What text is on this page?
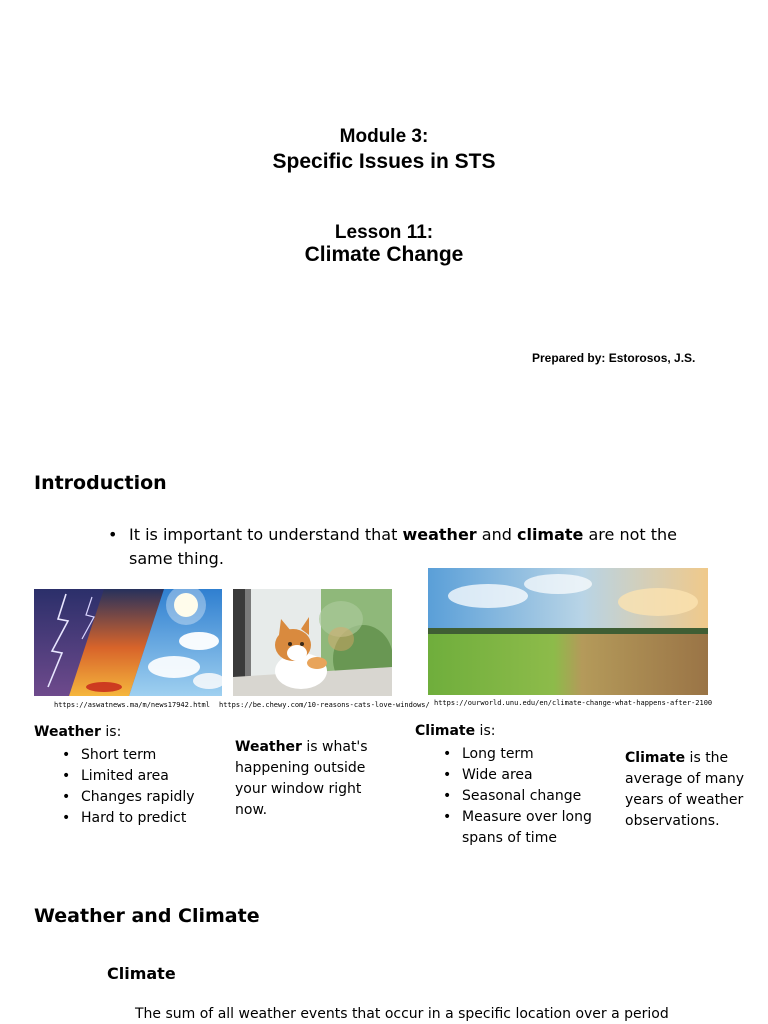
Module 3:
Specific Issues in STS
Lesson 11:
Climate Change
Prepared by: Estorosos, J.S.
Introduction
• It is important to understand that weather and climate are not the same thing.
https://aswatnews.ma/m/news17942.html https://be.chewy.com/10-reasons-cats-love-windows/ https://ourworld.unu.edu/en/climate-change-what-happens-after-2100
Weather is:
• Short term
• Limited area
• Changes rapidly
• Hard to predict
Weather is what's happening outside your window right now.
Climate is:
• Long term
• Wide area
• Seasonal change
• Measure over long spans of time
Climate is the average of many years of weather observations.
Weather and Climate
Climate
The sum of all weather events that occur in a specific location over a period
